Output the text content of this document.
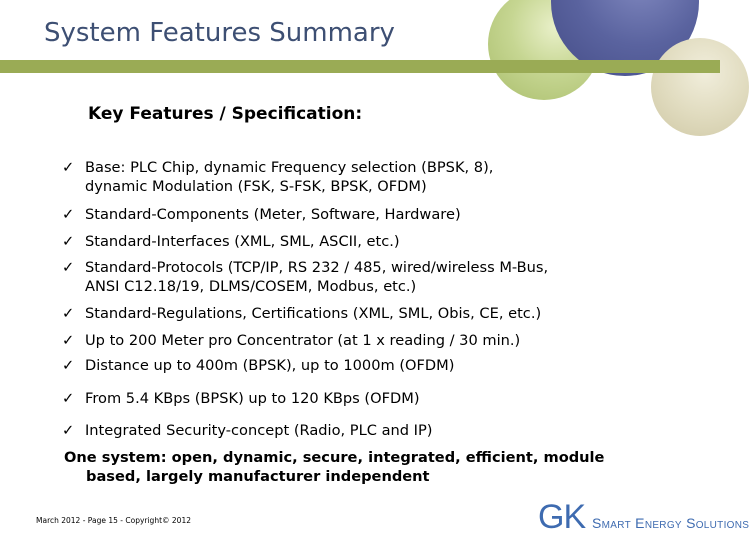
System Features Summary
Key Features / Specification:
✓ Base: PLC Chip, dynamic Frequency selection (BPSK, 8),
dynamic Modulation (FSK, S-FSK, BPSK, OFDM)
✓ Standard-Components (Meter, Software, Hardware)
✓ Standard-Interfaces (XML, SML, ASCII, etc.)
✓ Standard-Protocols (TCP/IP, RS 232 / 485, wired/wireless M-Bus,
ANSI C12.18/19, DLMS/COSEM, Modbus, etc.)
✓ Standard-Regulations, Certifications (XML, SML, Obis, CE, etc.)
✓ Up to 200 Meter pro Concentrator (at 1 x reading / 30 min.)
✓ Distance up to 400m (BPSK), up to 1000m (OFDM)
✓ From 5.4 KBps (BPSK) up to 120 KBps (OFDM)
✓ Integrated Security-concept (Radio, PLC and IP)
One system: open, dynamic, secure, integrated, efficient, module
based, largely manufacturer independent
March 2012 - Page 15 - Copyright© 2012	GK Smart Energy Solutions
